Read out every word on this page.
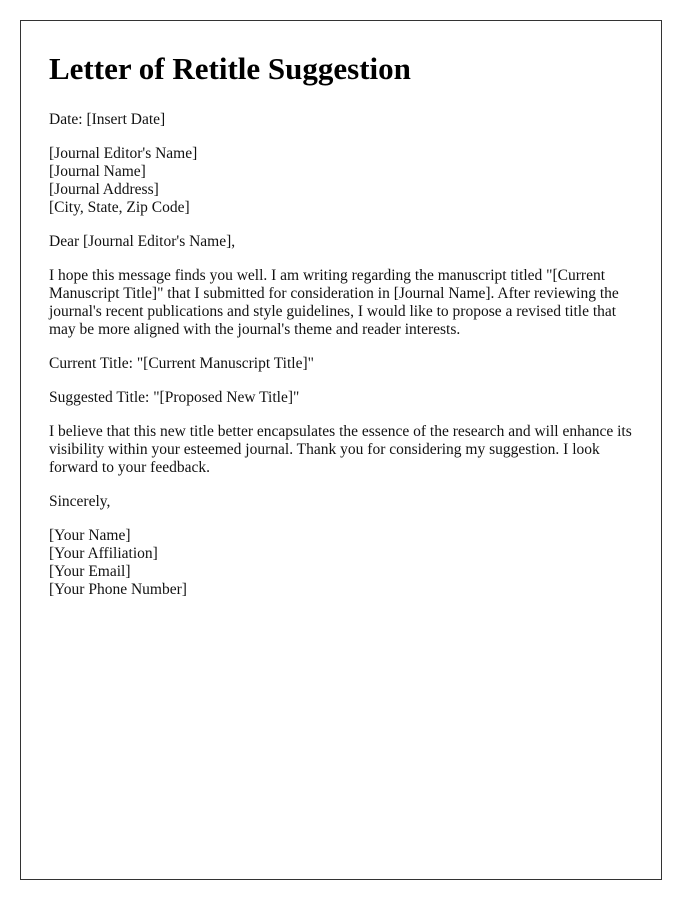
Letter of Retitle Suggestion

Date: [Insert Date]

[Journal Editor's Name]
[Journal Name]
[Journal Address]
[City, State, Zip Code]

Dear [Journal Editor's Name],

I hope this message finds you well. I am writing regarding the manuscript titled "[Current Manuscript Title]" that I submitted for consideration in [Journal Name]. After reviewing the journal's recent publications and style guidelines, I would like to propose a revised title that may be more aligned with the journal's theme and reader interests.

Current Title: "[Current Manuscript Title]"

Suggested Title: "[Proposed New Title]"

I believe that this new title better encapsulates the essence of the research and will enhance its visibility within your esteemed journal. Thank you for considering my suggestion. I look forward to your feedback.

Sincerely,

[Your Name]
[Your Affiliation]
[Your Email]
[Your Phone Number]
